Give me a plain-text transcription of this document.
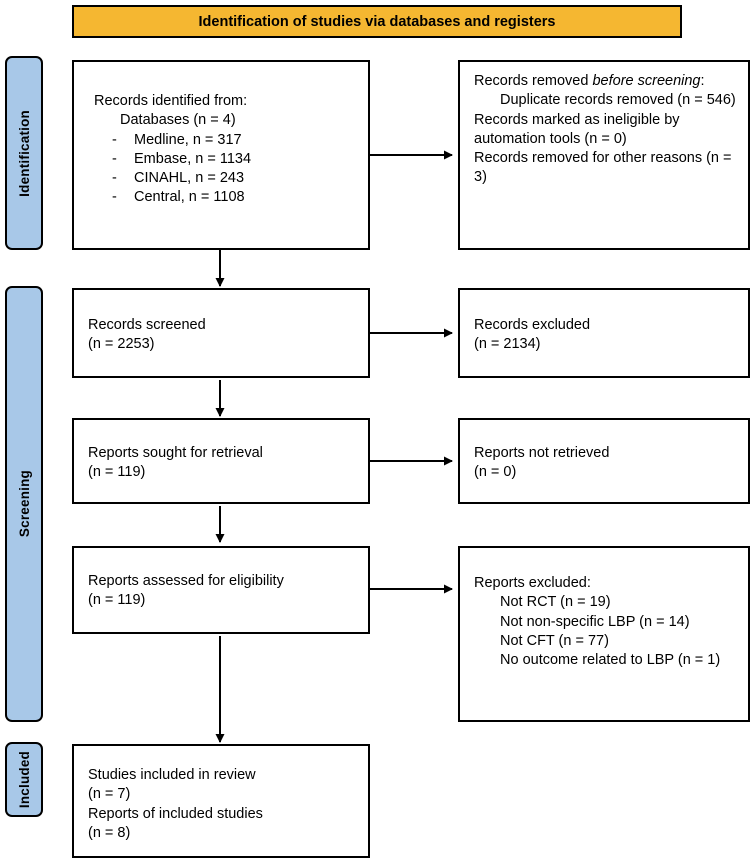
Identification of studies via databases and registers
Identification
Screening
Included
Records identified from:
Databases (n = 4)
-	Medline, n = 317
-	Embase, n = 1134
-	CINAHL, n = 243
-	Central, n = 1108
Records removed before screening:
Duplicate records removed (n = 546)
Records marked as ineligible by automation tools (n = 0)
Records removed for other reasons (n = 3)
Records screened
(n = 2253)
Records excluded
(n = 2134)
Reports sought for retrieval
(n = 119)
Reports not retrieved
(n = 0)
Reports assessed for eligibility
(n = 119)
Reports excluded:
Not RCT (n = 19)
Not non-specific LBP (n = 14)
Not CFT (n = 77)
No outcome related to LBP (n = 1)
Studies included in review
(n = 7)
Reports of included studies
(n = 8)
